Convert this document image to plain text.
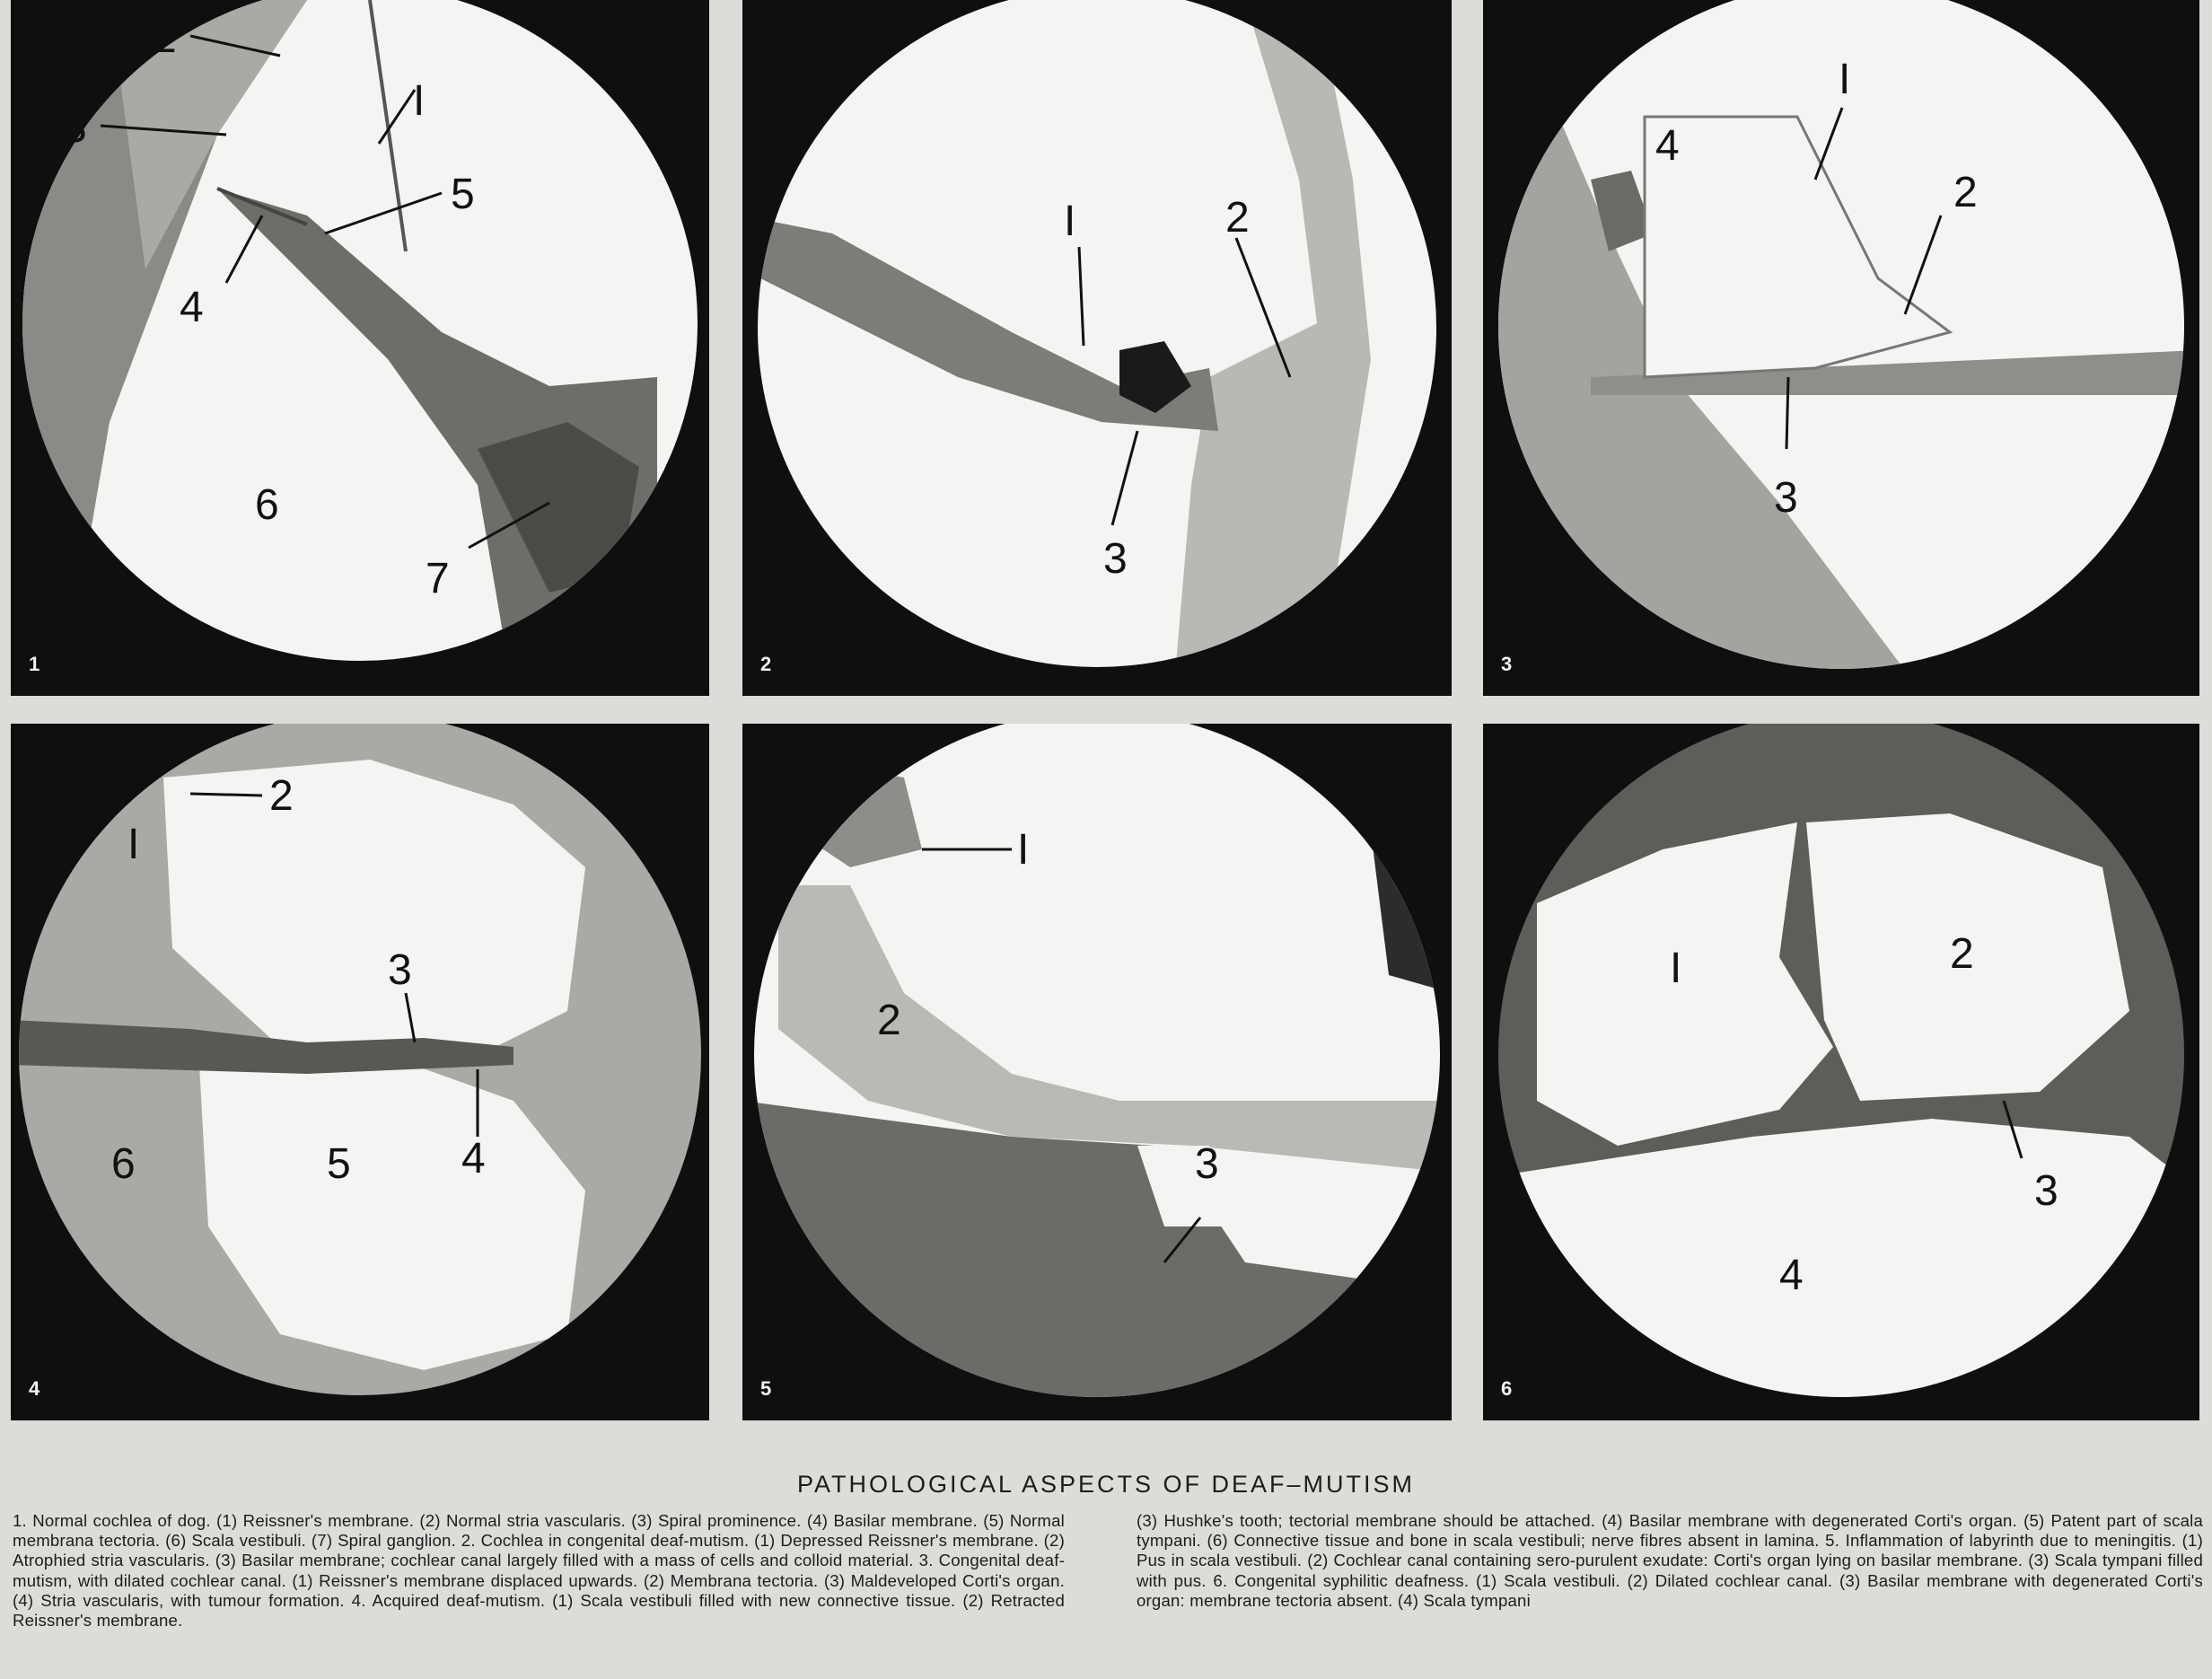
2
3
I
5
4
6
7
1
I	2
3
2
I
4
2
3
3
2
I
3
6	5	4
4
I
2
3
5
I	2
3
4
6
PATHOLOGICAL ASPECTS OF DEAF–MUTISM
1. Normal cochlea of dog. (1) Reissner's membrane. (2) Normal stria vascularis. (3) Spiral prominence. (4) Basilar membrane. (5) Normal membrana tectoria. (6) Scala vestibuli. (7) Spiral ganglion. 2. Cochlea in congenital deaf-mutism. (1) Depressed Reissner's membrane. (2) Atrophied stria vascularis. (3) Basilar membrane; cochlear canal largely filled with a mass of cells and colloid material. 3. Congenital deaf-mutism, with dilated cochlear canal. (1) Reissner's membrane displaced upwards. (2) Membrana tectoria. (3) Maldeveloped Corti's organ. (4) Stria vascularis, with tumour formation. 4. Acquired deaf-mutism. (1) Scala vestibuli filled with new connective tissue. (2) Retracted Reissner's membrane.
(3) Hushke's tooth; tectorial membrane should be attached. (4) Basilar membrane with degenerated Corti's organ. (5) Patent part of scala tympani. (6) Connective tissue and bone in scala vestibuli; nerve fibres absent in lamina. 5. Inflammation of labyrinth due to meningitis. (1) Pus in scala vestibuli. (2) Cochlear canal containing sero-purulent exudate: Corti's organ lying on basilar membrane. (3) Scala tympani filled with pus. 6. Congenital syphilitic deafness. (1) Scala vestibuli. (2) Dilated cochlear canal. (3) Basilar membrane with degenerated Corti's organ: membrane tectoria absent. (4) Scala tympani
